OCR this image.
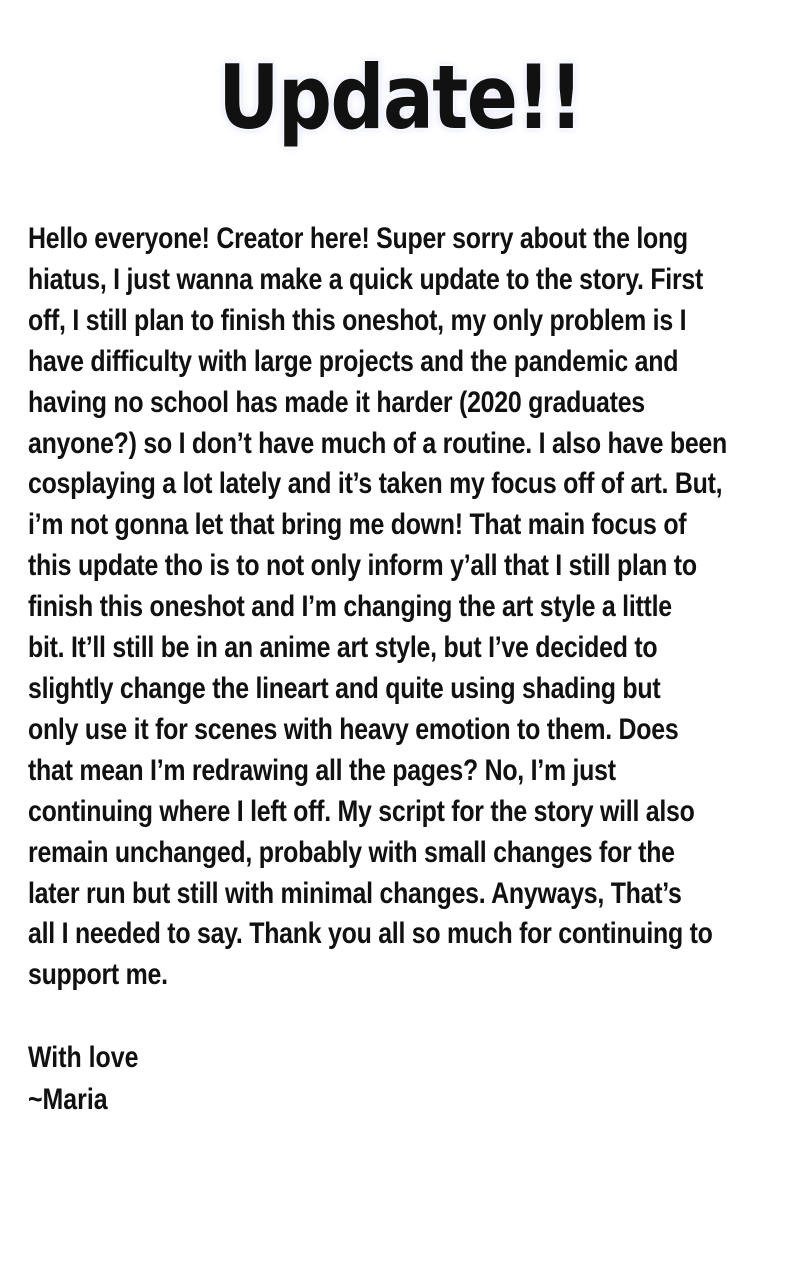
Update!!
Hello everyone! Creator here! Super sorry about the long
hiatus, I just wanna make a quick update to the story. First
off, I still plan to finish this oneshot, my only problem is I
have difficulty with large projects and the pandemic and
having no school has made it harder (2020 graduates
anyone?) so I don’t have much of a routine. I also have been
cosplaying a lot lately and it’s taken my focus off of art. But,
i’m not gonna let that bring me down! That main focus of
this update tho is to not only inform y’all that I still plan to
finish this oneshot and I’m changing the art style a little
bit. It’ll still be in an anime art style, but I’ve decided to
slightly change the lineart and quite using shading but
only use it for scenes with heavy emotion to them. Does
that mean I’m redrawing all the pages? No, I’m just
continuing where I left off. My script for the story will also
remain unchanged, probably with small changes for the
later run but still with minimal changes. Anyways, That’s
all I needed to say. Thank you all so much for continuing to
support me.
With love
~Maria
